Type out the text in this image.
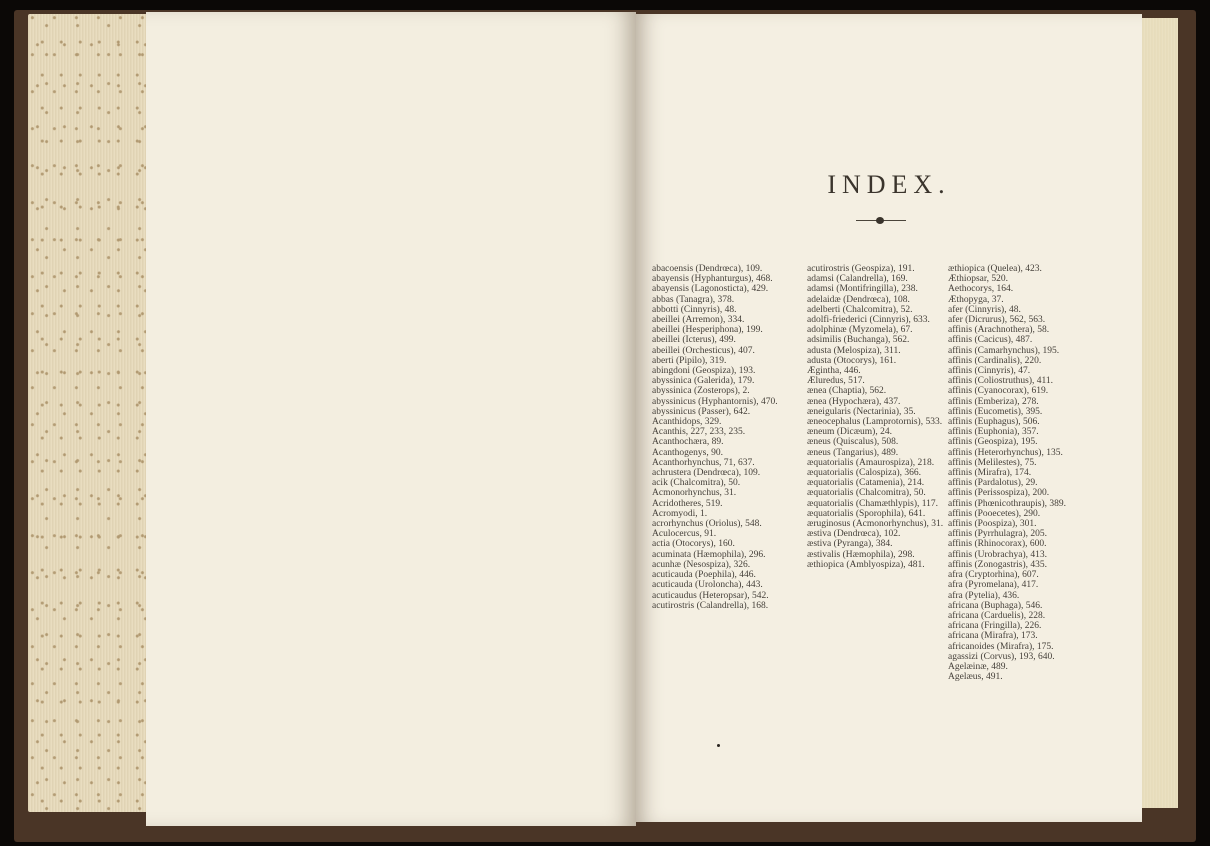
INDEX.

abacoensis (Dendrœca), 109.

abayensis (Hyphanturgus), 468.

abayensis (Lagonosticta), 429.

abbas (Tanagra), 378.

abbotti (Cinnyris), 48.

abeillei (Arremon), 334.

abeillei (Hesperiphona), 199.

abeillei (Icterus), 499.

abeillei (Orchesticus), 407.

aberti (Pipilo), 319.

abingdoni (Geospiza), 193.

abyssinica (Galerida), 179.

abyssinica (Zosterops), 2.

abyssinicus (Hyphantornis), 470.

abyssinicus (Passer), 642.

Acanthidops, 329.

Acanthis, 227, 233, 235.

Acanthochæra, 89.

Acanthogenys, 90.

Acanthorhynchus, 71, 637.

achrustera (Dendrœca), 109.

acik (Chalcomitra), 50.

Acmonorhynchus, 31.

Acridotheres, 519.

Acromyodi, 1.

acrorhynchus (Oriolus), 548.

Aculocercus, 91.

actia (Otocorys), 160.

acuminata (Hæmophila), 296.

acunhæ (Nesospiza), 326.

acuticauda (Poephila), 446.

acuticauda (Uroloncha), 443.

acuticaudus (Heteropsar), 542.

acutirostris (Calandrella), 168.

acutirostris (Geospiza), 191.

adamsi (Calandrella), 169.

adamsi (Montifringilla), 238.

adelaidæ (Dendrœca), 108.

adelberti (Chalcomitra), 52.

adolfi-friederici (Cinnyris), 633.

adolphinæ (Myzomela), 67.

adsimilis (Buchanga), 562.

adusta (Melospiza), 311.

adusta (Otocorys), 161.

Ægintha, 446.

Æluredus, 517.

ænea (Chaptia), 562.

ænea (Hypochæra), 437.

æneigularis (Nectarinia), 35.

æneocephalus (Lamprotornis), 533.

æneum (Dicæum), 24.

æneus (Quiscalus), 508.

æneus (Tangarius), 489.

æquatorialis (Amaurospiza), 218.

æquatorialis (Calospiza), 366.

æquatorialis (Catamenia), 214.

æquatorialis (Chalcomitra), 50.

æquatorialis (Chamæthlypis), 117.

æquatorialis (Sporophila), 641.

æruginosus (Acmonorhynchus), 31.

æstiva (Dendrœca), 102.

æstiva (Pyranga), 384.

æstivalis (Hæmophila), 298.

æthiopica (Amblyospiza), 481.

æthiopica (Quelea), 423.

Æthiopsar, 520.

Aethocorys, 164.

Æthopyga, 37.

afer (Cinnyris), 48.

afer (Dicrurus), 562, 563.

affinis (Arachnothera), 58.

affinis (Cacicus), 487.

affinis (Camarhynchus), 195.

affinis (Cardinalis), 220.

affinis (Cinnyris), 47.

affinis (Coliostruthus), 411.

affinis (Cyanocorax), 619.

affinis (Emberiza), 278.

affinis (Eucometis), 395.

affinis (Euphagus), 506.

affinis (Euphonia), 357.

affinis (Geospiza), 195.

affinis (Heterorhynchus), 135.

affinis (Melilestes), 75.

affinis (Mirafra), 174.

affinis (Pardalotus), 29.

affinis (Perissospiza), 200.

affinis (Phœnicothraupis), 389.

affinis (Pooecetes), 290.

affinis (Poospiza), 301.

affinis (Pyrrhulagra), 205.

affinis (Rhinocorax), 600.

affinis (Urobrachya), 413.

affinis (Zonogastris), 435.

afra (Cryptorhina), 607.

afra (Pyromelana), 417.

afra (Pytelia), 436.

africana (Buphaga), 546.

africana (Carduelis), 228.

africana (Fringilla), 226.

africana (Mirafra), 173.

africanoides (Mirafra), 175.

agassizi (Corvus), 193, 640.

Agelæinæ, 489.

Agelæus, 491.
